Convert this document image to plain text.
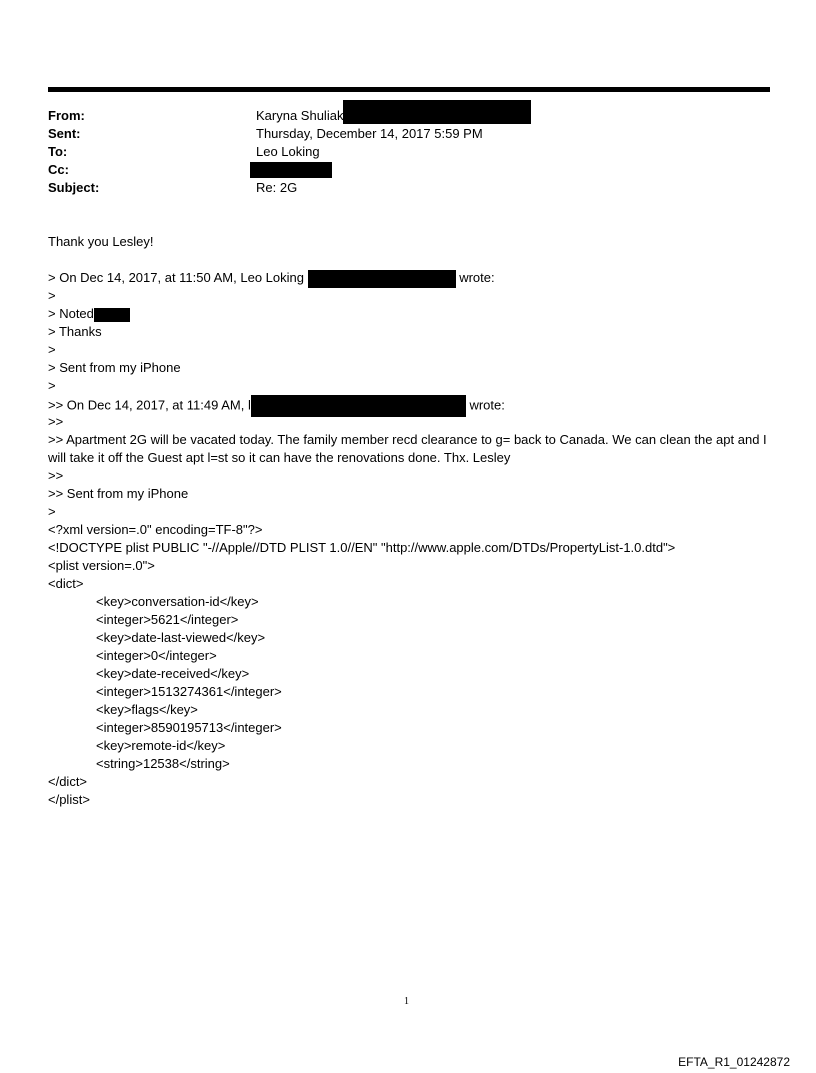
From:	Karyna Shuliak
Sent:	Thursday, December 14, 2017 5:59 PM
To:	Leo Loking
Cc:
Subject:	Re: 2G
Thank you Lesley!
> On Dec 14, 2017, at 11:50 AM, Leo Loking	wrote:
>
> Noted
> Thanks
>
> Sent from my iPhone
>
>> On Dec 14, 2017, at 11:49 AM, l	wrote:
>>
>> Apartment 2G will be vacated today. The family member recd clearance to g= back to Canada. We can clean the apt and I will take it off the Guest apt l=st so it can have the renovations done. Thx. Lesley
>>
>> Sent from my iPhone
>
<?xml version=.0" encoding=TF-8"?>
<!DOCTYPE plist PUBLIC "-//Apple//DTD PLIST 1.0//EN" "http://www.apple.com/DTDs/PropertyList-1.0.dtd">
<plist version=.0">
<dict>
<key>conversation-id</key>
<integer>5621</integer>
<key>date-last-viewed</key>
<integer>0</integer>
<key>date-received</key>
<integer>1513274361</integer>
<key>flags</key>
<integer>8590195713</integer>
<key>remote-id</key>
<string>12538</string>
</dict>
</plist>
1
EFTA_R1_01242872
